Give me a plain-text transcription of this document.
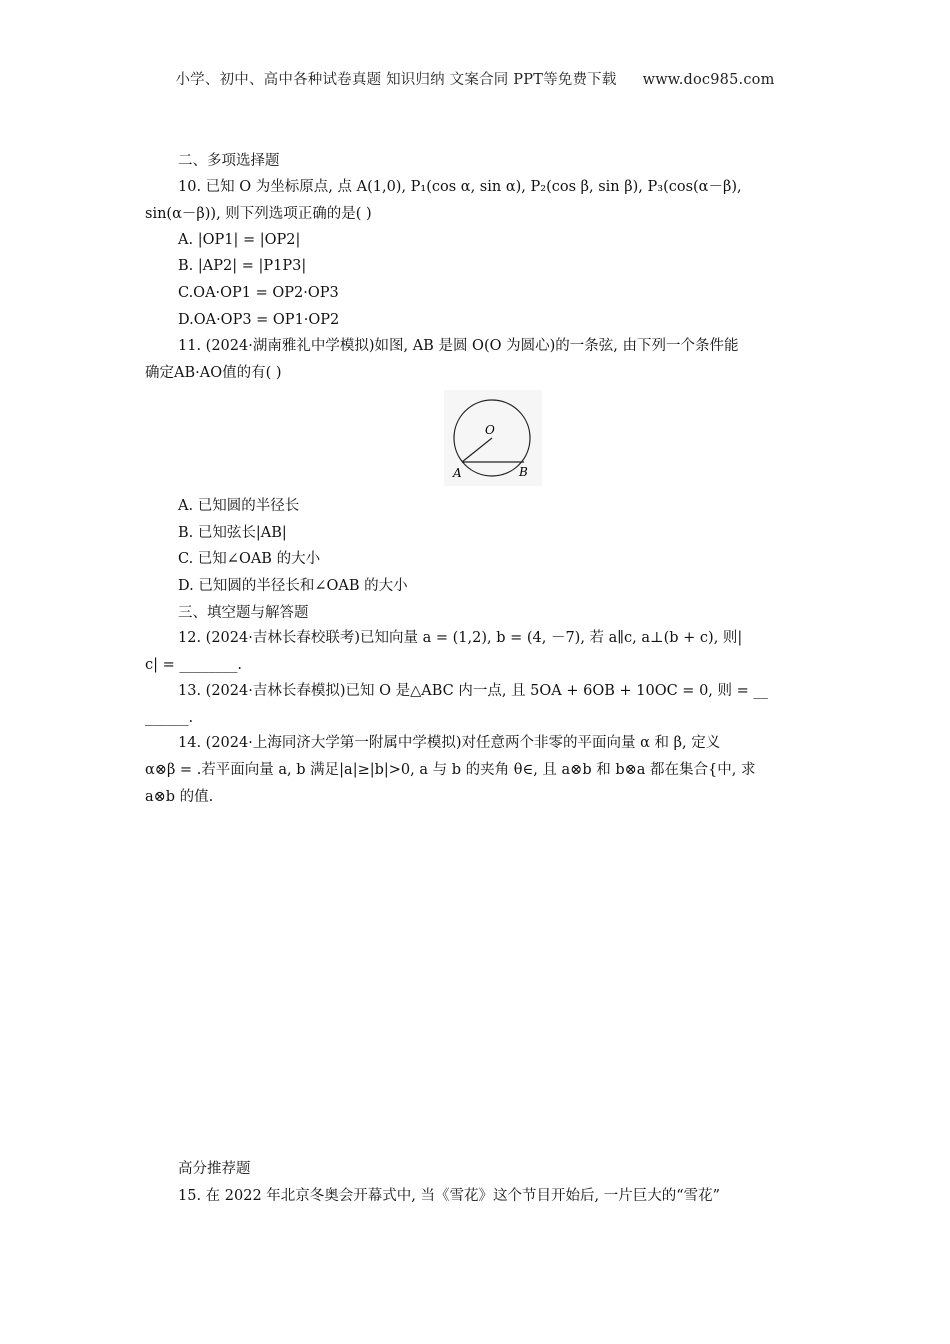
小学、初中、高中各种试卷真题 知识归纳 文案合同 PPT等免费下载 www.doc985.com
二、多项选择题
10. 已知 O 为坐标原点, 点 A(1,0), P₁(cos α, sin α), P₂(cos β, sin β), P₃(cos(α－β),
sin(α－β)), 则下列选项正确的是( )
A. |OP1| = |OP2|
B. |AP2| = |P1P3|
C.OA·OP1 = OP2·OP3
D.OA·OP3 = OP1·OP2
11. (2024·湖南雅礼中学模拟)如图, AB 是圆 O(O 为圆心)的一条弦, 由下列一个条件能
确定AB·AO值的有( )
O
A	B
A. 已知圆的半径长
B. 已知弦长|AB|
C. 已知∠OAB 的大小
D. 已知圆的半径长和∠OAB 的大小
三、填空题与解答题
12. (2024·吉林长春校联考)已知向量 a = (1,2), b = (4, －7), 若 a∥c, a⊥(b + c), 则|
c| = ________.
13. (2024·吉林长春模拟)已知 O 是△ABC 内一点, 且 5OA + 6OB + 10OC = 0, 则 = __
______.
14. (2024·上海同济大学第一附属中学模拟)对任意两个非零的平面向量 α 和 β, 定义
α⊗β = .若平面向量 a, b 满足|a|≥|b|>0, a 与 b 的夹角 θ∈, 且 a⊗b 和 b⊗a 都在集合{中, 求
a⊗b 的值.
高分推荐题
15. 在 2022 年北京冬奥会开幕式中, 当《雪花》这个节目开始后, 一片巨大的“雪花”
